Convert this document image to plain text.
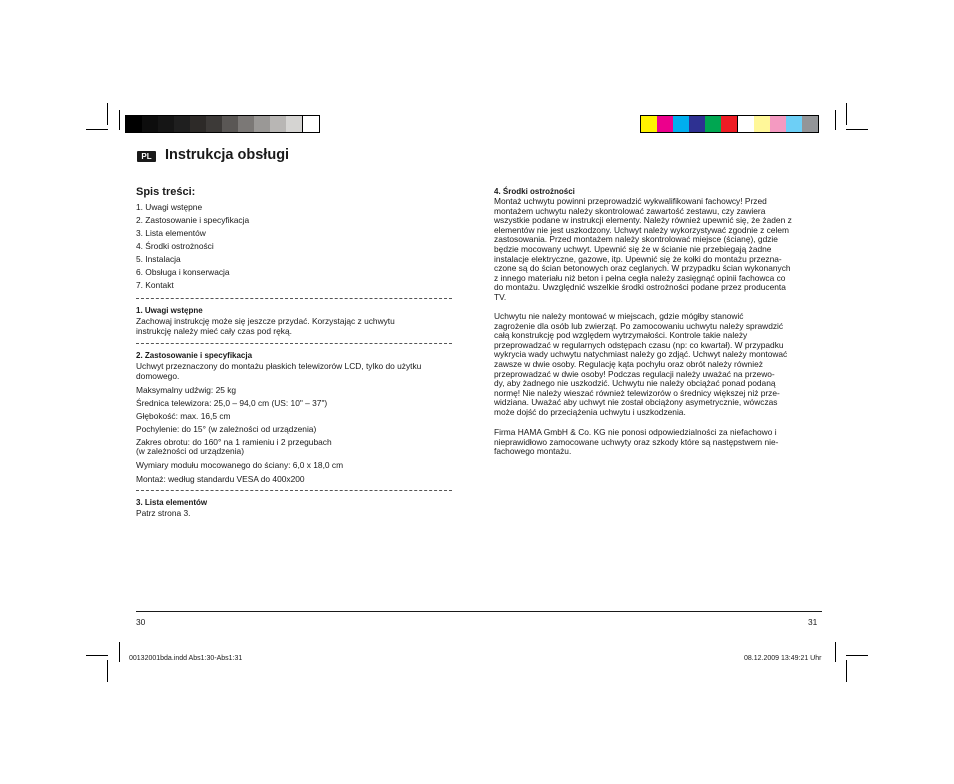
PL Instrukcja obsługi
Spis treści:
1. Uwagi wstępne
2. Zastosowanie i specyfikacja
3. Lista elementów
4. Środki ostrożności
5. Instalacja
6. Obsługa i konserwacja
7. Kontakt
1. Uwagi wstępne
Zachowaj instrukcję może się jeszcze przydać. Korzystając z uchwytu
instrukcję należy mieć cały czas pod ręką.
2. Zastosowanie i specyfikacja
Uchwyt przeznaczony do montażu płaskich telewizorów LCD, tylko do użytku
domowego.
Maksymalny udźwig: 25 kg
Średnica telewizora: 25,0 – 94,0 cm (US: 10" – 37")
Głębokość: max. 16,5 cm
Pochylenie: do 15° (w zależności od urządzenia)
Zakres obrotu: do 160° na 1 ramieniu i 2 przegubach
(w zależności od urządzenia)
Wymiary modułu mocowanego do ściany: 6,0 x 18,0 cm
Montaż: według standardu VESA do 400x200
3. Lista elementów
Patrz strona 3.
4. Środki ostrożności
Montaż uchwytu powinni przeprowadzić wykwalifikowani fachowcy! Przed
montażem uchwytu należy skontrolować zawartość zestawu, czy zawiera
wszystkie podane w instrukcji elementy. Należy również upewnić się, że żaden z
elementów nie jest uszkodzony. Uchwyt należy wykorzystywać zgodnie z celem
zastosowania. Przed montażem należy skontrolować miejsce (ścianę), gdzie
będzie mocowany uchwyt. Upewnić się że w ścianie nie przebiegają żadne
instalacje elektryczne, gazowe, itp. Upewnić się że kołki do montażu przezna-
czone są do ścian betonowych oraz ceglanych. W przypadku ścian wykonanych
z innego materiału niż beton i pełna cegła należy zasięgnąć opinii fachowca co
do montażu. Uwzględnić wszelkie środki ostrożności podane przez producenta
TV.
Uchwytu nie należy montować w miejscach, gdzie mógłby stanowić
zagrożenie dla osób lub zwierząt. Po zamocowaniu uchwytu należy sprawdzić
całą konstrukcję pod względem wytrzymałości. Kontrole takie należy
przeprowadzać w regularnych odstępach czasu (np: co kwartał). W przypadku
wykrycia wady uchwytu natychmiast należy go zdjąć. Uchwyt należy montować
zawsze w dwie osoby. Regulację kąta pochyłu oraz obrót należy również
przeprowadzać w dwie osoby! Podczas regulacji należy uważać na przewo-
dy, aby żadnego nie uszkodzić. Uchwytu nie należy obciążać ponad podaną
normę! Nie należy wieszać również telewizorów o średnicy większej niż prze-
widziana. Uważać aby uchwyt nie został obciążony asymetrycznie, wówczas
może dojść do przeciążenia uchwytu i uszkodzenia.
Firma HAMA GmbH & Co. KG nie ponosi odpowiedzialności za niefachowo i
nieprawidłowo zamocowane uchwyty oraz szkody które są następstwem nie-
fachowego montażu.
30	31
00132001bda.indd Abs1:30-Abs1:31	08.12.2009 13:49:21 Uhr
